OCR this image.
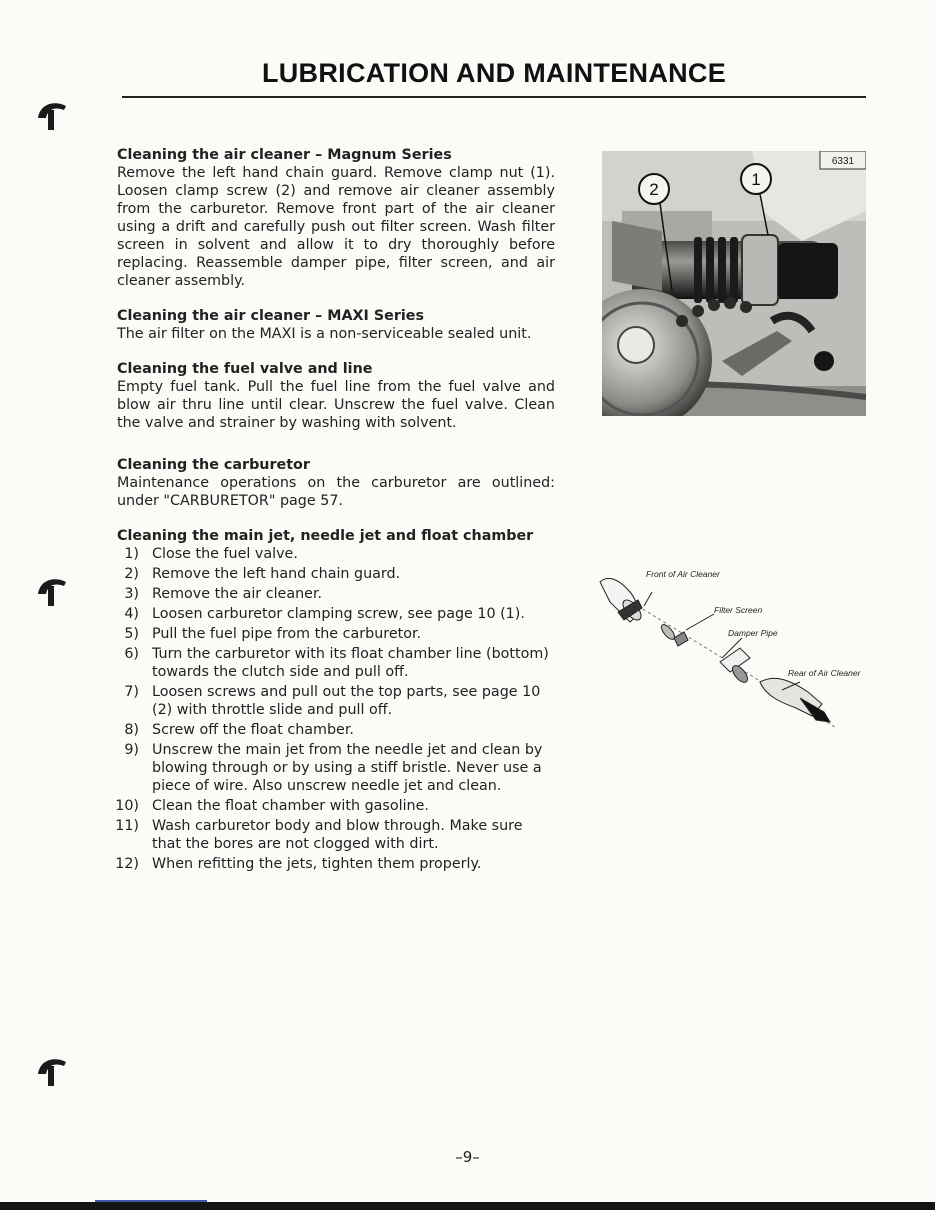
LUBRICATION AND MAINTENANCE

Cleaning the air cleaner – Magnum Series

Remove the left hand chain guard. Remove clamp nut (1). Loosen clamp screw (2) and remove air cleaner assembly from the carburetor. Remove front part of the air cleaner using a drift and carefully push out filter screen. Wash filter screen in solvent and allow it to dry thoroughly before replacing. Reassemble damper pipe, filter screen, and air cleaner assembly.

Cleaning the air cleaner – MAXI Series

The air filter on the MAXI is a non-serviceable sealed unit.

Cleaning the fuel valve and line

Empty fuel tank. Pull the fuel line from the fuel valve and blow air thru line until clear. Unscrew the fuel valve. Clean the valve and strainer by washing with solvent.

Cleaning the carburetor

Maintenance operations on the carburetor are outlined: under "CARBURETOR" page 57.

Cleaning the main jet, needle jet and float chamber

1) Close the fuel valve.
2) Remove the left hand chain guard.
3) Remove the air cleaner.
4) Loosen carburetor clamping screw, see page 10 (1).
5) Pull the fuel pipe from the carburetor.
6) Turn the carburetor with its float chamber line (bottom) towards the clutch side and pull off.
7) Loosen screws and pull out the top parts, see page 10 (2) with throttle slide and pull off.
8) Screw off the float chamber.
9) Unscrew the main jet from the needle jet and clean by blowing through or by using a stiff bristle. Never use a piece of wire. Also unscrew needle jet and clean.
10) Clean the float chamber with gasoline.
11) Wash carburetor body and blow through. Make sure that the bores are not clogged with dirt.
12) When refitting the jets, tighten them properly.
6331
2
1
Front of Air Cleaner
Filter Screen
Damper Pipe
Rear of Air Cleaner
–9–
